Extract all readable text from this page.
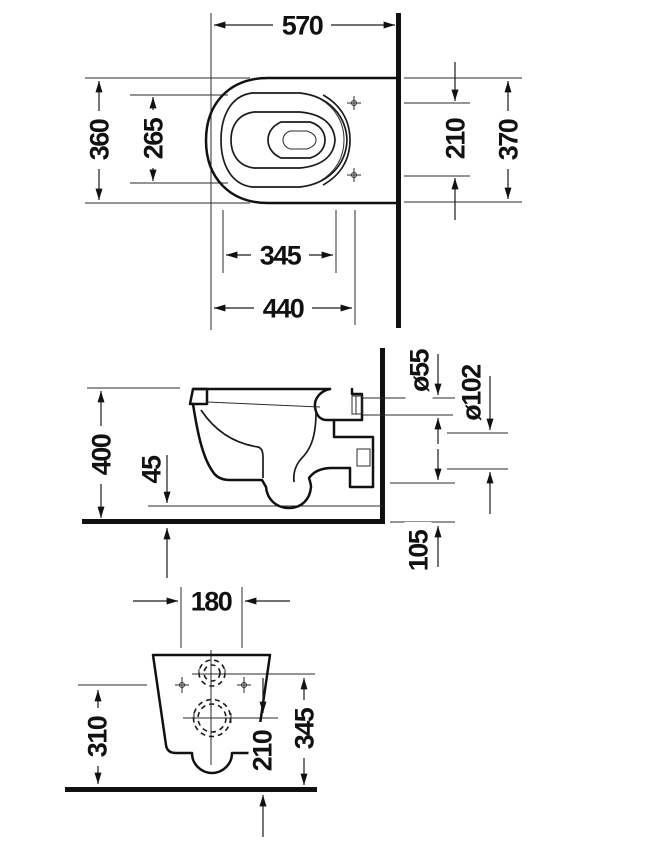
570
360 265	210 370
345
440
400 45
ø55 ø102
105
180
310	210
345
